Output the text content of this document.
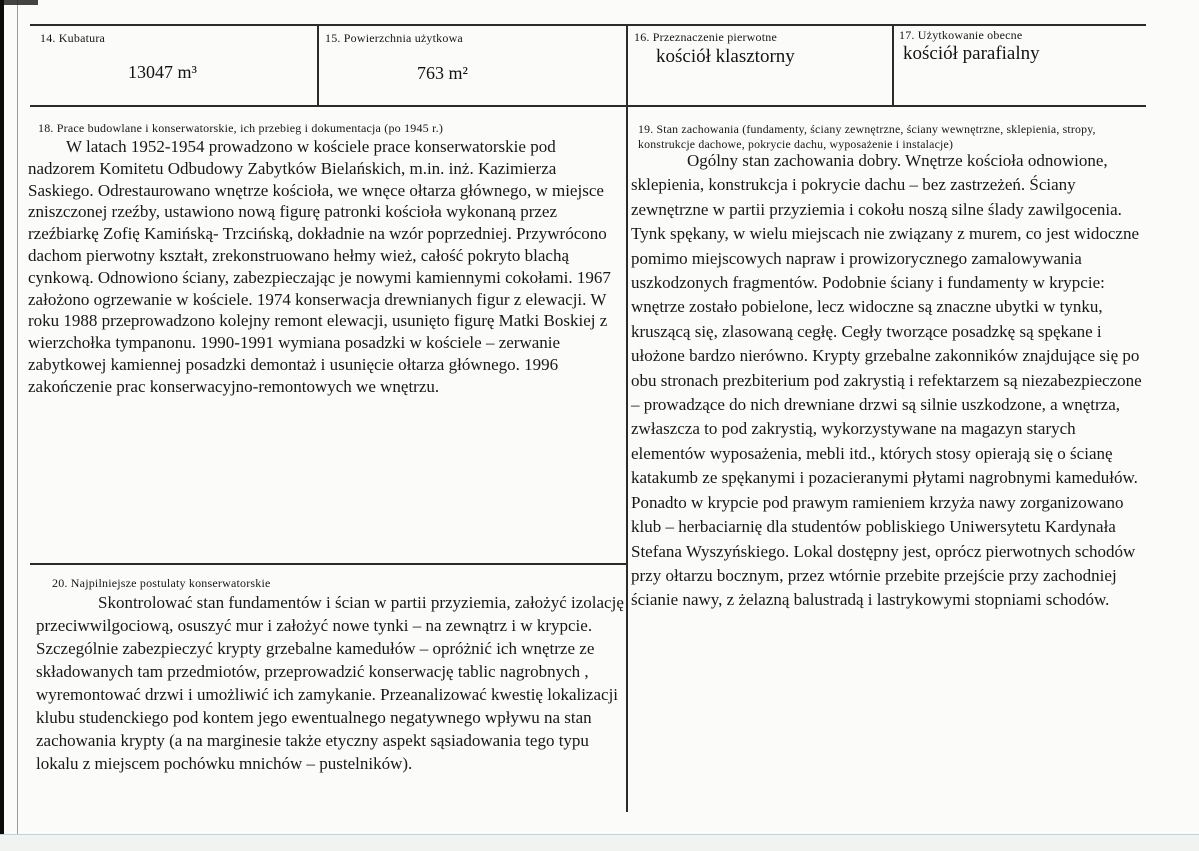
14. Kubatura
13047 m³
15. Powierzchnia użytkowa
763 m²
16. Przeznaczenie pierwotne
kościół klasztorny
17. Użytkowanie obecne
kościół parafialny
18. Prace budowlane i konserwatorskie, ich przebieg i dokumentacja (po 1945 r.)
W latach 1952-1954 prowadzono w kościele prace konserwatorskie pod nadzorem Komitetu Odbudowy Zabytków Bielańskich, m.in. inż. Kazimierza Saskiego. Odrestaurowano wnętrze kościoła, we wnęce ołtarza głównego, w miejsce zniszczonej rzeźby, ustawiono nową figurę patronki kościoła wykonaną przez rzeźbiarkę Zofię Kamińską- Trzcińską, dokładnie na wzór poprzedniej. Przywrócono dachom pierwotny kształt, zrekonstruowano hełmy wież, całość pokryto blachą cynkową. Odnowiono ściany, zabezpieczając je nowymi kamiennymi cokołami. 1967 założono ogrzewanie w kościele. 1974 konserwacja drewnianych figur z elewacji. W roku 1988 przeprowadzono kolejny remont elewacji, usunięto figurę Matki Boskiej z wierzchołka tympanonu. 1990-1991 wymiana posadzki w kościele – zerwanie zabytkowej kamiennej posadzki demontaż i usunięcie ołtarza głównego. 1996 zakończenie prac konserwacyjno-remontowych we wnętrzu.
19. Stan zachowania (fundamenty, ściany zewnętrzne, ściany wewnętrzne, sklepienia, stropy, konstrukcje dachowe, pokrycie dachu, wyposażenie i instalacje)
Ogólny stan zachowania dobry. Wnętrze kościoła odnowione, sklepienia, konstrukcja i pokrycie dachu – bez zastrzeżeń. Ściany zewnętrzne w partii przyziemia i cokołu noszą silne ślady zawilgocenia. Tynk spękany, w wielu miejscach nie związany z murem, co jest widoczne pomimo miejscowych napraw i prowizorycznego zamalowywania uszkodzonych fragmentów. Podobnie ściany i fundamenty w krypcie: wnętrze zostało pobielone, lecz widoczne są znaczne ubytki w tynku, kruszącą się, zlasowaną cegłę. Cegły tworzące posadzkę są spękane i ułożone bardzo nierówno. Krypty grzebalne zakonników znajdujące się po obu stronach prezbiterium pod zakrystią i refektarzem są niezabezpieczone – prowadzące do nich drewniane drzwi są silnie uszkodzone, a wnętrza, zwłaszcza to pod zakrystią, wykorzystywane na magazyn starych elementów wyposażenia, mebli itd., których stosy opierają się o ścianę katakumb ze spękanymi i pozacieranymi płytami nagrobnymi kamedułów. Ponadto w krypcie pod prawym ramieniem krzyża nawy zorganizowano klub – herbaciarnię dla studentów pobliskiego Uniwersytetu Kardynała Stefana Wyszyńskiego. Lokal dostępny jest, oprócz pierwotnych schodów przy ołtarzu bocznym, przez wtórnie przebite przejście przy zachodniej ścianie nawy, z żelazną balustradą i lastrykowymi stopniami schodów.
20. Najpilniejsze postulaty konserwatorskie
Skontrolować stan fundamentów i ścian w partii przyziemia, założyć izolację przeciwwilgociową, osuszyć mur i założyć nowe tynki – na zewnątrz i w krypcie. Szczególnie zabezpieczyć krypty grzebalne kamedułów – opróżnić ich wnętrze ze składowanych tam przedmiotów, przeprowadzić konserwację tablic nagrobnych , wyremontować drzwi i umożliwić ich zamykanie. Przeanalizować kwestię lokalizacji klubu studenckiego pod kontem jego ewentualnego negatywnego wpływu na stan zachowania krypty (a na marginesie także etyczny aspekt sąsiadowania tego typu lokalu z miejscem pochówku mnichów – pustelników).
